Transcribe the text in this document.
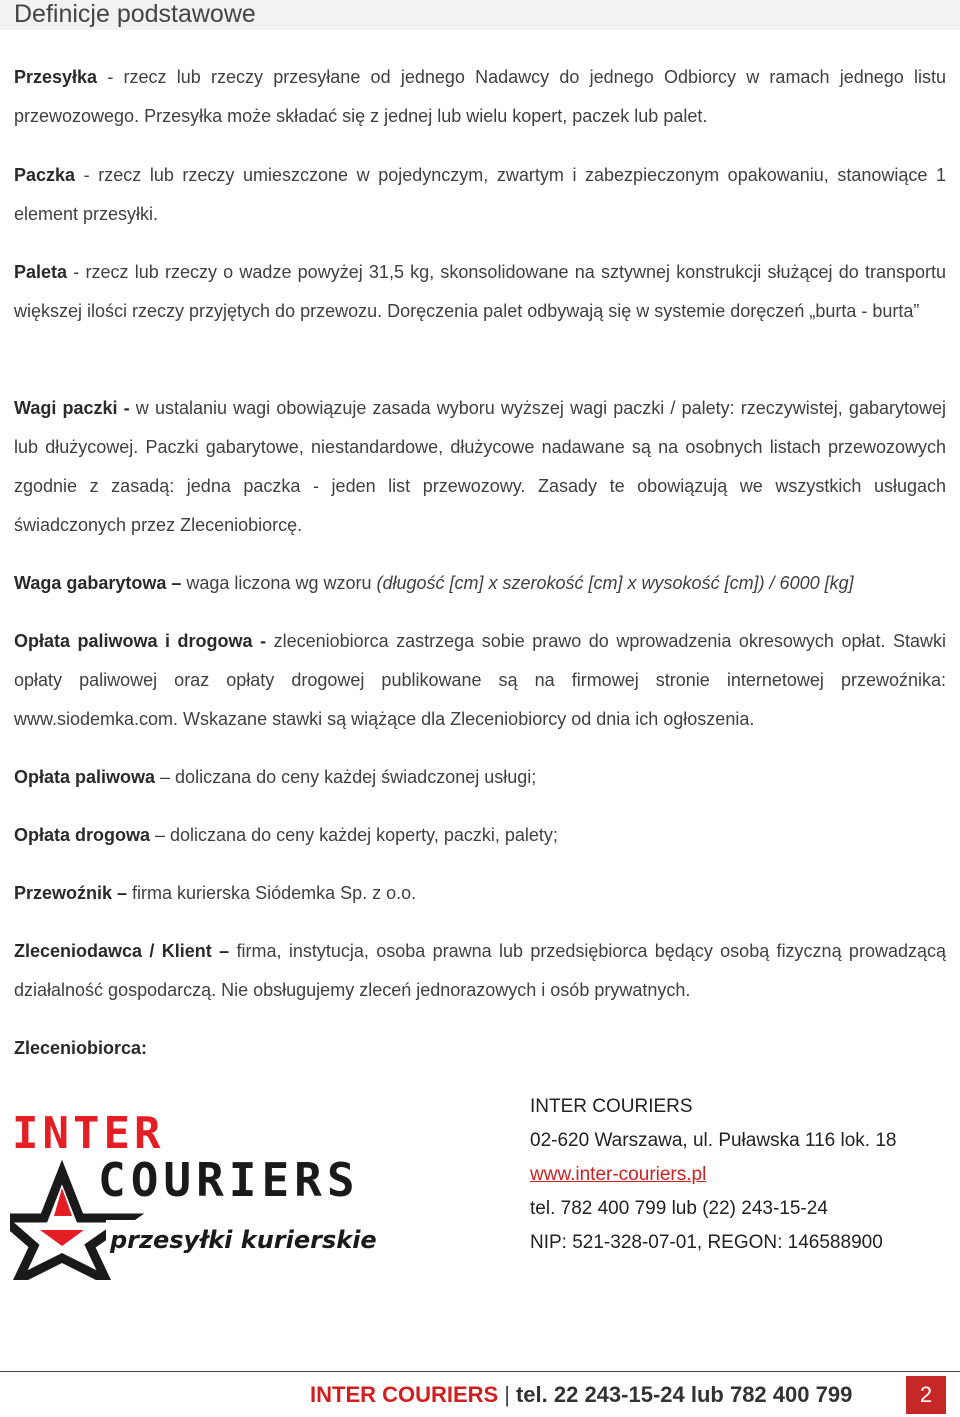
Definicje podstawowe

Przesyłka - rzecz lub rzeczy przesyłane od jednego Nadawcy do jednego Odbiorcy w ramach jednego listu przewozowego. Przesyłka może składać się z jednej lub wielu kopert, paczek lub palet.

Paczka - rzecz lub rzeczy umieszczone w pojedynczym, zwartym i zabezpieczonym opakowaniu, stanowiące 1 element przesyłki.

Paleta - rzecz lub rzeczy o wadze powyżej 31,5 kg, skonsolidowane na sztywnej konstrukcji służącej do transportu większej ilości rzeczy przyjętych do przewozu. Doręczenia palet odbywają się w systemie doręczeń „burta - burta”

Wagi paczki - w ustalaniu wagi obowiązuje zasada wyboru wyższej wagi paczki / palety: rzeczywistej, gabarytowej lub dłużycowej. Paczki gabarytowe, niestandardowe, dłużycowe nadawane są na osobnych listach przewozowych zgodnie z zasadą: jedna paczka - jeden list przewozowy. Zasady te obowiązują we wszystkich usługach świadczonych przez Zleceniobiorcę.

Waga gabarytowa – waga liczona wg wzoru (długość [cm] x szerokość [cm] x wysokość [cm]) / 6000 [kg]

Opłata paliwowa i drogowa - zleceniobiorca zastrzega sobie prawo do wprowadzenia okresowych opłat. Stawki opłaty paliwowej oraz opłaty drogowej publikowane są na firmowej stronie internetowej przewoźnika: www.siodemka.com. Wskazane stawki są wiążące dla Zleceniobiorcy od dnia ich ogłoszenia.

Opłata paliwowa – doliczana do ceny każdej świadczonej usługi;

Opłata drogowa – doliczana do ceny każdej koperty, paczki, palety;

Przewoźnik – firma kurierska Siódemka Sp. z o.o.

Zleceniodawca / Klient – firma, instytucja, osoba prawna lub przedsiębiorca będący osobą fizyczną prowadzącą działalność gospodarczą. Nie obsługujemy zleceń jednorazowych i osób prywatnych.

Zleceniobiorca:

INTER
COURIERS
przesyłki kurierskie
INTER COURIERS
02-620 Warszawa, ul. Puławska 116 lok. 18
www.inter-couriers.pl
tel. 782 400 799 lub (22) 243-15-24
NIP: 521-328-07-01, REGON: 146588900
INTER COURIERS | tel. 22 243-15-24 lub 782 400 799	2
